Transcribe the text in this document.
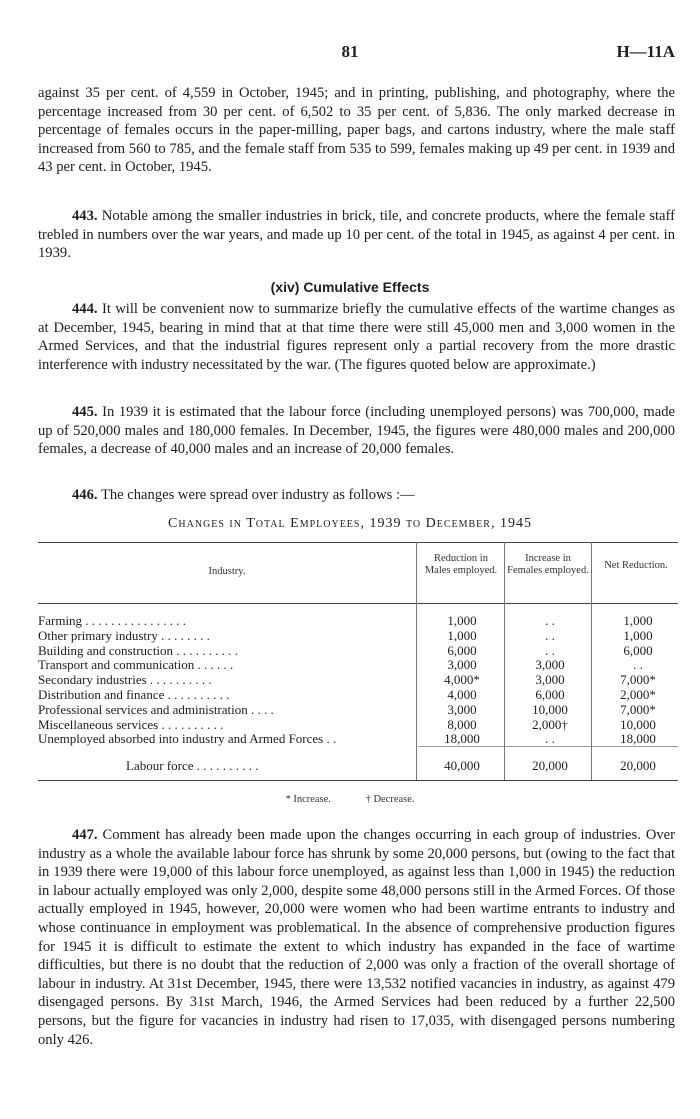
81	H—11A

against 35 per cent. of 4,559 in October, 1945; and in printing, publishing, and photography, where the percentage increased from 30 per cent. of 6,502 to 35 per cent. of 5,836. The only marked decrease in percentage of females occurs in the paper-milling, paper bags, and cartons industry, where the male staff increased from 560 to 785, and the female staff from 535 to 599, females making up 49 per cent. in 1939 and 43 per cent. in October, 1945.

443. Notable among the smaller industries in brick, tile, and concrete products, where the female staff trebled in numbers over the war years, and made up 10 per cent. of the total in 1945, as against 4 per cent. in 1939.

(xiv) Cumulative Effects

444. It will be convenient now to summarize briefly the cumulative effects of the wartime changes as at December, 1945, bearing in mind that at that time there were still 45,000 men and 3,000 women in the Armed Services, and that the industrial figures represent only a partial recovery from the more drastic interference with industry necessitated by the war. (The figures quoted below are approximate.)

445. In 1939 it is estimated that the labour force (including unemployed persons) was 700,000, made up of 520,000 males and 180,000 females. In December, 1945, the figures were 480,000 males and 200,000 females, a decrease of 40,000 males and an increase of 20,000 females.

446. The changes were spread over industry as follows :—

Changes in Total Employees, 1939 to December, 1945
Industry.
Reduction in Males employed.
Increase in Females employed.	Net Reduction.
Farming . . . . . . . . . . . . . . . .	1,000	. .	1,000
Other primary industry . . . . . . . .	1,000	. .	1,000
Building and construction . . . . . . . . . .	6,000	. .	6,000
Transport and communication . . . . . .	3,000	3,000	. .
Secondary industries . . . . . . . . . .	4,000*	3,000	7,000*
Distribution and finance . . . . . . . . . .	4,000	6,000	2,000*
Professional services and administration . . . .	3,000	10,000	7,000*
Miscellaneous services . . . . . . . . . .	8,000	2,000†	10,000
Unemployed absorbed into industry and Armed Forces . .	18,000	. .	18,000
Labour force . . . . . . . . . .	40,000	20,000	20,000
* Increase.	† Decrease.

447. Comment has already been made upon the changes occurring in each group of industries. Over industry as a whole the available labour force has shrunk by some 20,000 persons, but (owing to the fact that in 1939 there were 19,000 of this labour force unemployed, as against less than 1,000 in 1945) the reduction in labour actually employed was only 2,000, despite some 48,000 persons still in the Armed Forces. Of those actually employed in 1945, however, 20,000 were women who had been wartime entrants to industry and whose continuance in employment was problematical. In the absence of comprehensive production figures for 1945 it is difficult to estimate the extent to which industry has expanded in the face of wartime difficulties, but there is no doubt that the reduction of 2,000 was only a fraction of the overall shortage of labour in industry. At 31st December, 1945, there were 13,532 notified vacancies in industry, as against 479 disengaged persons. By 31st March, 1946, the Armed Services had been reduced by a further 22,500 persons, but the figure for vacancies in industry had risen to 17,035, with disengaged persons numbering only 426.
